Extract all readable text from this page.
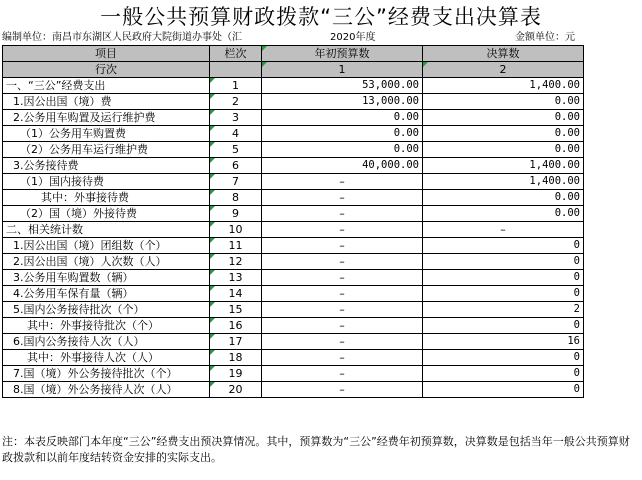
一般公共预算财政拨款“三公”经费支出决算表
编制单位：南昌市东湖区人民政府大院街道办事处（汇	2020年度	金额单位：元
项目	栏次	年初预算数	决算数
行次		1	2
一、“三公”经费支出	1	53,000.00	1,400.00
1.因公出国（境）费	2	13,000.00	0.00
2.公务用车购置及运行维护费	3	0.00	0.00
（1）公务用车购置费	4	0.00	0.00
（2）公务用车运行维护费	5	0.00	0.00
3.公务接待费	6	40,000.00	1,400.00
（1）国内接待费	7	–	1,400.00
其中：外事接待费	8	–	0.00
（2）国（境）外接待费	9	–	0.00
二、相关统计数	10	–	–
1.因公出国（境）团组数（个）	11	–	0
2.因公出国（境）人次数（人）	12	–	0
3.公务用车购置数（辆）	13	–	0
4.公务用车保有量（辆）	14	–	0
5.国内公务接待批次（个）	15	–	2
其中：外事接待批次（个）	16	–	0
6.国内公务接待人次（人）	17	–	16
其中：外事接待人次（人）	18	–	0
7.国（境）外公务接待批次（个）	19	–	0
8.国（境）外公务接待人次（人）	20	–	0
注：本表反映部门本年度“三公”经费支出预决算情况。其中，预算数为“三公”经费年初预算数，决算数是包括当年一般公共预算财政拨款和以前年度结转资金安排的实际支出。
